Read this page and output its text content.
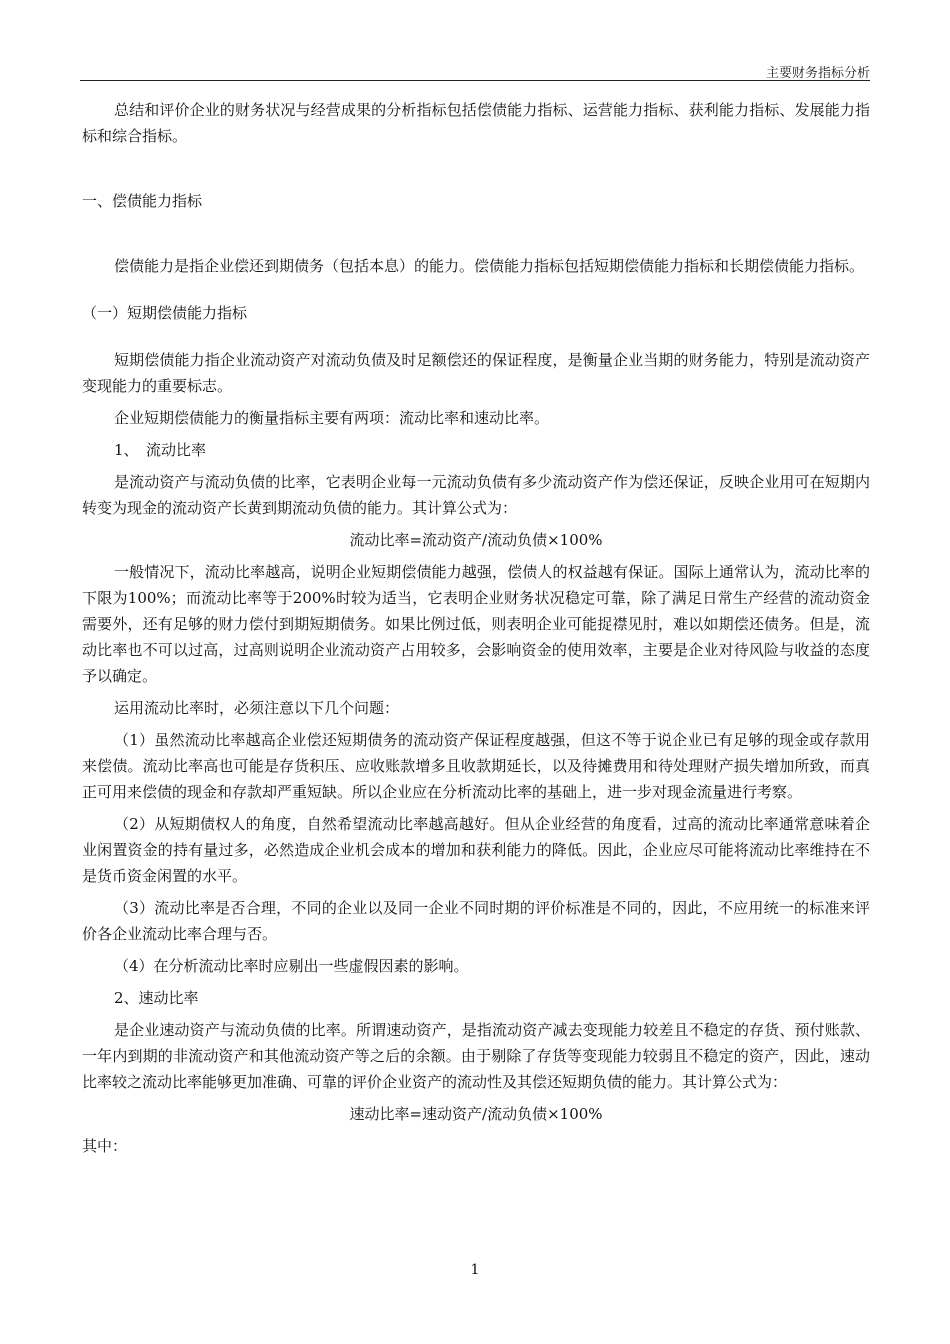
主要财务指标分析

总结和评价企业的财务状况与经营成果的分析指标包括偿债能力指标、运营能力指标、获利能力指标、发展能力指标和综合指标。

一、偿债能力指标

偿债能力是指企业偿还到期债务（包括本息）的能力。偿债能力指标包括短期偿债能力指标和长期偿债能力指标。

（一）短期偿债能力指标

短期偿债能力指企业流动资产对流动负债及时足额偿还的保证程度，是衡量企业当期的财务能力，特别是流动资产变现能力的重要标志。

企业短期偿债能力的衡量指标主要有两项：流动比率和速动比率。

1、　流动比率

是流动资产与流动负债的比率，它表明企业每一元流动负债有多少流动资产作为偿还保证，反映企业用可在短期内转变为现金的流动资产长黄到期流动负债的能力。其计算公式为：

流动比率=流动资产/流动负债×100%

一般情况下，流动比率越高，说明企业短期偿债能力越强，偿债人的权益越有保证。国际上通常认为，流动比率的下限为100%；而流动比率等于200%时较为适当，它表明企业财务状况稳定可靠，除了满足日常生产经营的流动资金需要外，还有足够的财力偿付到期短期债务。如果比例过低，则表明企业可能捉襟见肘，难以如期偿还债务。但是，流动比率也不可以过高，过高则说明企业流动资产占用较多，会影响资金的使用效率，主要是企业对待风险与收益的态度予以确定。

运用流动比率时，必须注意以下几个问题：

（1）虽然流动比率越高企业偿还短期债务的流动资产保证程度越强，但这不等于说企业已有足够的现金或存款用来偿债。流动比率高也可能是存货积压、应收账款增多且收款期延长，以及待摊费用和待处理财产损失增加所致，而真正可用来偿债的现金和存款却严重短缺。所以企业应在分析流动比率的基础上，进一步对现金流量进行考察。

（2）从短期债权人的角度，自然希望流动比率越高越好。但从企业经营的角度看，过高的流动比率通常意味着企业闲置资金的持有量过多，必然造成企业机会成本的增加和获利能力的降低。因此，企业应尽可能将流动比率维持在不是货币资金闲置的水平。

（3）流动比率是否合理，不同的企业以及同一企业不同时期的评价标准是不同的，因此，不应用统一的标准来评价各企业流动比率合理与否。

（4）在分析流动比率时应剔出一些虚假因素的影响。

2、速动比率

是企业速动资产与流动负债的比率。所谓速动资产，是指流动资产减去变现能力较差且不稳定的存货、预付账款、一年内到期的非流动资产和其他流动资产等之后的余额。由于剔除了存货等变现能力较弱且不稳定的资产，因此，速动比率较之流动比率能够更加准确、可靠的评价企业资产的流动性及其偿还短期负债的能力。其计算公式为：

速动比率=速动资产/流动负债×100%

其中：

1
